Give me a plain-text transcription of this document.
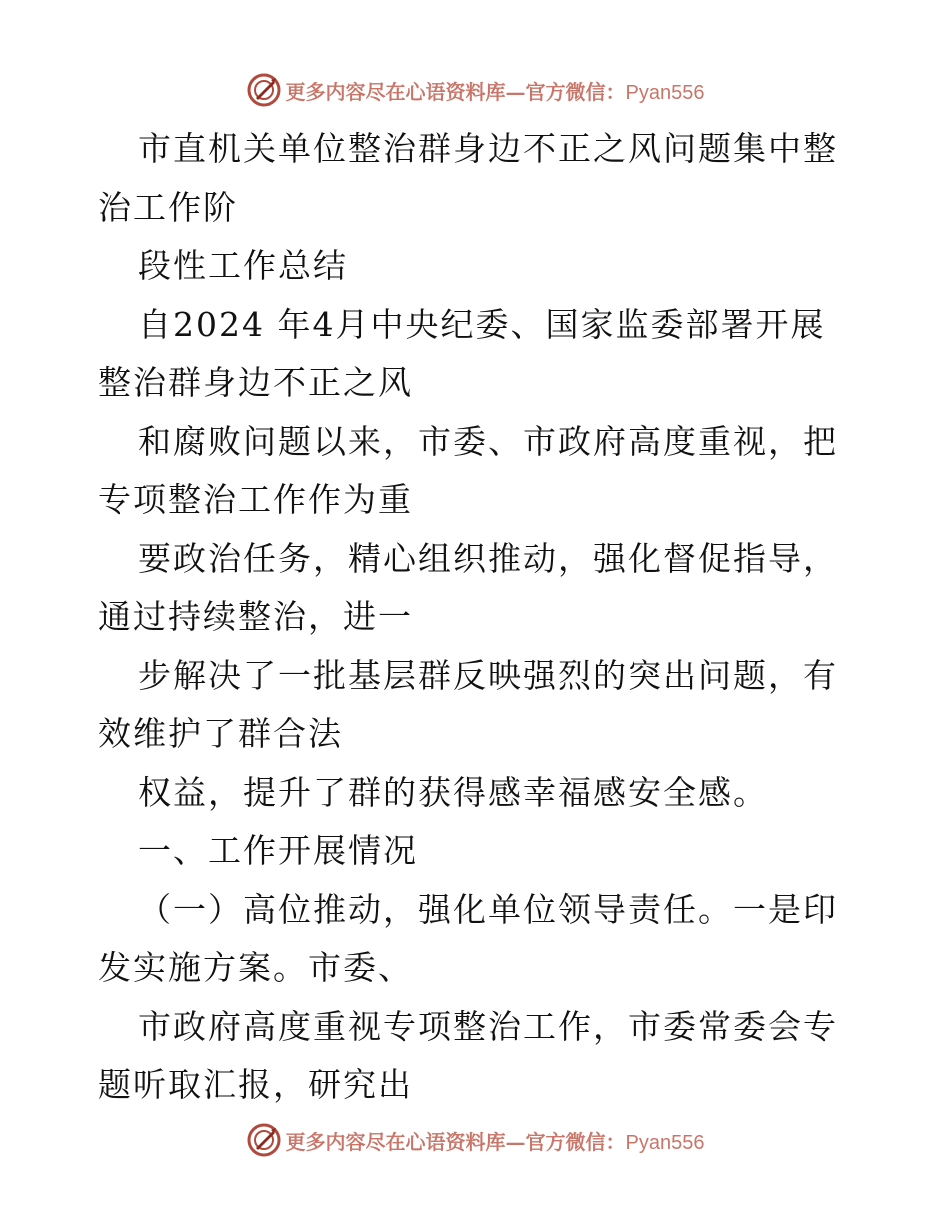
更多内容尽在心语资料库—官方微信：Pyan556

市直机关单位整治群身边不正之风问题集中整治工作阶

段性工作总结

自2024 年4月中央纪委、国家监委部署开展整治群身边不正之风

和腐败问题以来，市委、市政府高度重视，把专项整治工作作为重

要政治任务，精心组织推动，强化督促指导，通过持续整治，进一

步解决了一批基层群反映强烈的突出问题，有效维护了群合法

权益，提升了群的获得感幸福感安全感。

一、工作开展情况

（一）高位推动，强化单位领导责任。一是印发实施方案。市委、

市政府高度重视专项整治工作，市委常委会专题听取汇报，研究出

更多内容尽在心语资料库—官方微信：Pyan556
